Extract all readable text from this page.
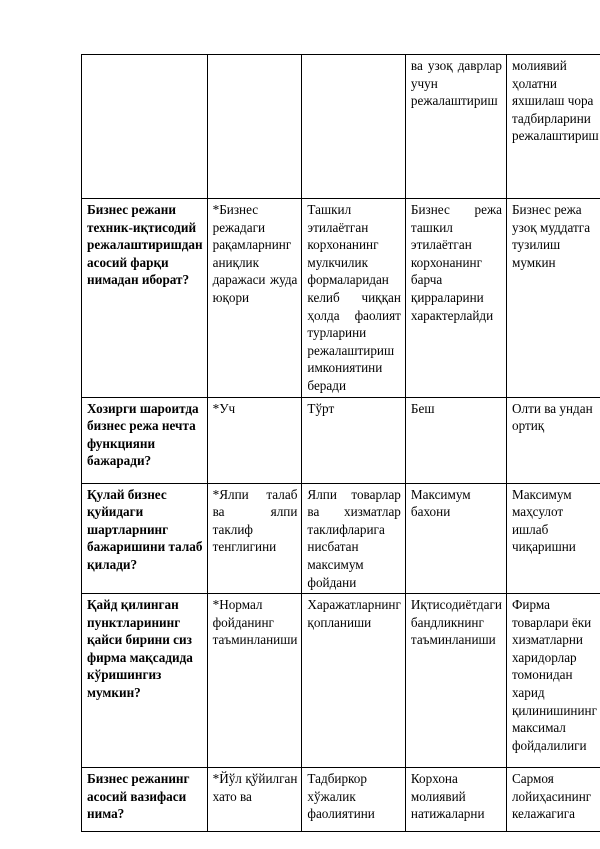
			ва узоқ даврлар учун режалаштириш	молиявий ҳолатни яхшилаш чора тадбирларини режалаштириш
Бизнес режани техник-иқтисодий режалаштиришдан асосий фарқи нимадан иборат?	*Бизнес режадаги рақамларнинг аниқлик даражаси жуда юқори	Ташкил этилаётган корхонанинг мулкчилик формаларидан келиб чиққан ҳолда фаолият турларини режалаштириш имкониятини беради	Бизнес режа ташкил этилаётган корхонанинг барча қирраларини характерлайди	Бизнес режа узоқ муддатга тузилиш мумкин
Хозирги шароитда бизнес режа нечта функцияни бажаради?	*Уч	Тўрт	Беш	Олти ва ундан ортиқ
Қулай бизнес қуйидаги шартларнинг бажаришини талаб қилади?	*Ялпи талаб ва ялпи таклиф тенглигини	Ялпи товарлар ва хизматлар таклифларига нисбатан максимум фойдани	Максимум бахони	Максимум маҳсулот ишлаб чиқаришни
Қайд қилинган пунктларининг қайси бирини сиз фирма мақсадида кўришингиз мумкин?	*Нормал фойданинг таъминланиши	Харажатларнинг қопланиши	Иқтисодиётдаги бандликнинг таъминланиши	Фирма товарлари ёки хизматларни харидорлар томонидан харид қилинишининг максимал фойдалилиги
Бизнес режанинг асосий вазифаси нима?	*Йўл қўйилган хато ва	Тадбиркор хўжалик фаолиятини	Корхона молиявий натижаларни	Сармоя лойиҳасининг келажагига
